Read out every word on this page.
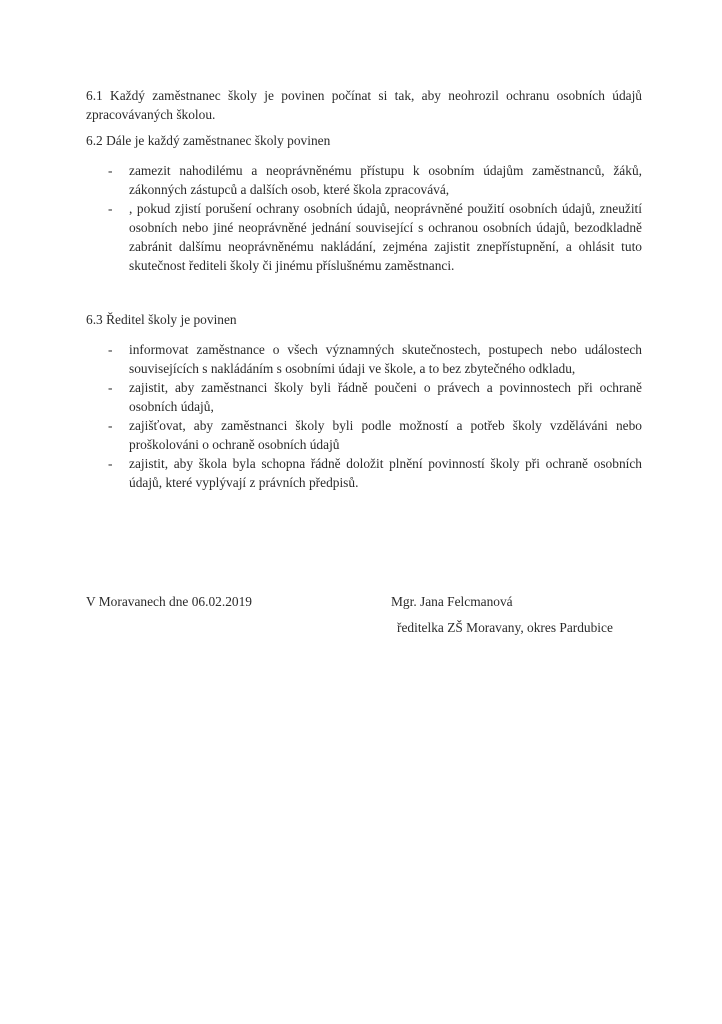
6.1 Každý zaměstnanec školy je povinen počínat si tak, aby neohrozil ochranu osobních údajů zpracovávaných školou.

6.2 Dále je každý zaměstnanec školy povinen

- zamezit nahodilému a neoprávněnému přístupu k osobním údajům zaměstnanců, žáků, zákonných zástupců a dalších osob, které škola zpracovává,
- , pokud zjistí porušení ochrany osobních údajů, neoprávněné použití osobních údajů, zneužití osobních nebo jiné neoprávněné jednání související s ochranou osobních údajů, bezodkladně zabránit dalšímu neoprávněnému nakládání, zejména zajistit znepřístupnění, a ohlásit tuto skutečnost řediteli školy či jinému příslušnému zaměstnanci.

6.3 Ředitel školy je povinen

- informovat zaměstnance o všech významných skutečnostech, postupech nebo událostech souvisejících s nakládáním s osobními údaji ve škole, a to bez zbytečného odkladu,
- zajistit, aby zaměstnanci školy byli řádně poučeni o právech a povinnostech při ochraně osobních údajů,
- zajišťovat, aby zaměstnanci školy byli podle možností a potřeb školy vzděláváni nebo proškolováni o ochraně osobních údajů
- zajistit, aby škola byla schopna řádně doložit plnění povinností školy při ochraně osobních údajů, které vyplývají z právních předpisů.

V Moravanech dne 06.02.2019	Mgr. Jana Felcmanová

ředitelka ZŠ Moravany, okres Pardubice
